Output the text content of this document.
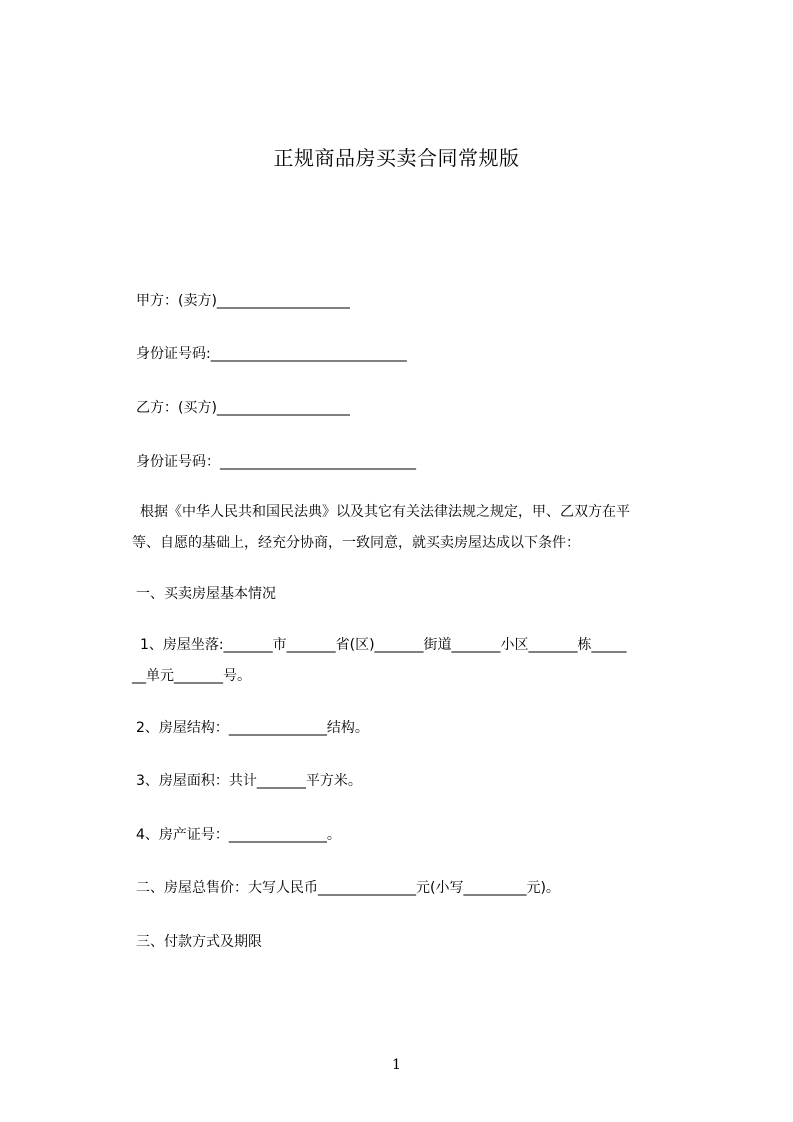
正规商品房买卖合同常规版
甲方：(卖方)___________________
身份证号码:____________________________
乙方：(买方)___________________
身份证号码：____________________________

根据《中华人民共和国民法典》以及其它有关法律法规之规定，甲、乙双方在平

等、自愿的基础上，经充分协商，一致同意，就买卖房屋达成以下条件：

一、买卖房屋基本情况

1、房屋坐落:_______市_______省(区)_______街道_______小区_______栋_____

__单元_______号。

2、房屋结构：______________结构。
3、房屋面积：共计_______平方米。
4、房产证号：______________。
二、房屋总售价：大写人民币______________元(小写_________元)。
三、付款方式及期限
1
